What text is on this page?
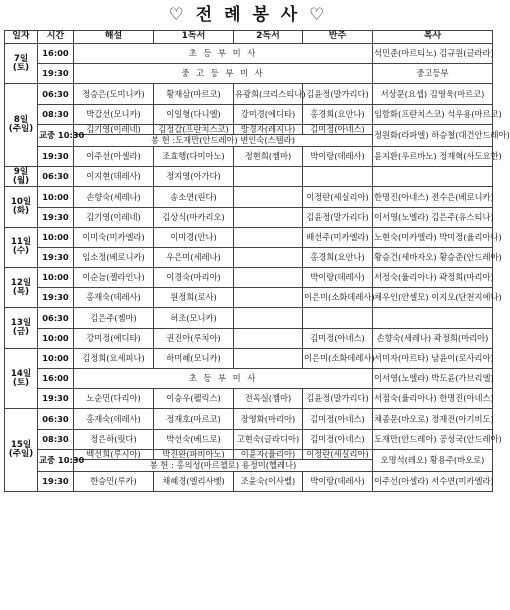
♡ 전 례 봉 사 ♡
일자	시간	해설	1독서	2독서	반주	복사

7일
(토)	16:00	초 등 부 미 사				석민준(마르티노) 김규원(글라라)
	19:30	중 고 등 부 미 사				중고등부

8일
(주일)	06:30	정승은(도미니카)	황재삼(마르코)	유광희(크리스티나)	김윤정(말가리다)	서상문(요셉) 김영욱(마르코)
	08:30	박갑선(모니카)	이일형(다니엘)	강미경(에디타)	홍경희(요안나)	임함화(프란치스코) 석우용(마르코)
	교중 10:30	김기영(이레네)	김정갑(프란치스코)	방경자(레지나)	김미정(아네스)	정원화(라파엘) 하승철(대건안드레아)
		봉 헌 :도재만(안드레아) 변인숙(스텔라)				
	19:30	이주선(아셀라)	조효행(다미아노)	정현희(젬마)	박이랑(데레사)	윤지환(우르바노) 정재혁(사도요한)

9일
(월)	06:30	이지현(데레사)	정지영(아가다)			

10일
(화)	10:00	손향숙(세레나)	송소연(린다)		이정란(세실리아)	한명진(아네스) 전수은(베로니카)
	19:30	김기영(이레네)	김상식(마카리오)		김윤정(말가리다)	이서영(노엘라) 김은주(유스티나)

11일
(수)	10:00	이미숙(미카엘라)	이미경(안나)		배선주(미카엘라)	노현숙(미카엘라) 박미정(율리아나)
	19:30	임소정(베로니카)	우은미(세레나)		홍경희(요안나)	황승건(세바자오) 황승준(안드레아)

12일
(목)	10:00	이순늠(젤라인나)	이경숙(마리아)		박이랑(데레사)	서정숙(율리아나) 곽정희(마리아)
	19:30	홍재숙(데레사)	원정희(로사)		이은미(소화데레사)	채우인(안셀모) 이지오(단천지에나)

13일
(금)	06:30	김은주(젬마)	허조(모니카)			
	10:00	강미정(에디타)	권진아(루치아)		김미정(아네스)	손향숙(세레나) 곽정희(마리아)

14일
(토)	10:00	김정희(요세피나)	하미혜(모니카)		이은미(소화데레사)	서미자(마르타) 남윤이(로사리아)
	16:00	초 등 부 미 사				이서영(노엘라) 박도윤(가브리엘)
	19:30	노순민(다리아)	이승우(펠릭스)	전옥실(젬마)	김윤정(말가리다)	서점숙(율리아나) 한명진(아네스)

15일
(주일)	06:30	홍재숙(데레사)	정재호(마르코)	장영화(마리아)	김미정(아네스)	채종문(바오로) 정재진(아기비도)
	08:30	정은하(릿다)	박선숙(베드로)	고현숙(글라디아)	김미정(아네스)	도재만(안드레아) 공성국(안드레아)
	교중 10:30	백선희(루시아)	박진완(파비아노)	이윤자(율리아)	이정란(세실리아)	오명석(레오) 황용주(바오로)
		봉 헌 : 홍의성(마르첼로) 용정미(헬레나)				
	19:30	한승민(루카)	채혜경(엘리사벳)	조윤숙(이사벨)	박이랑(데레사)	이주선(아셀라) 서수연(미카엘라)
